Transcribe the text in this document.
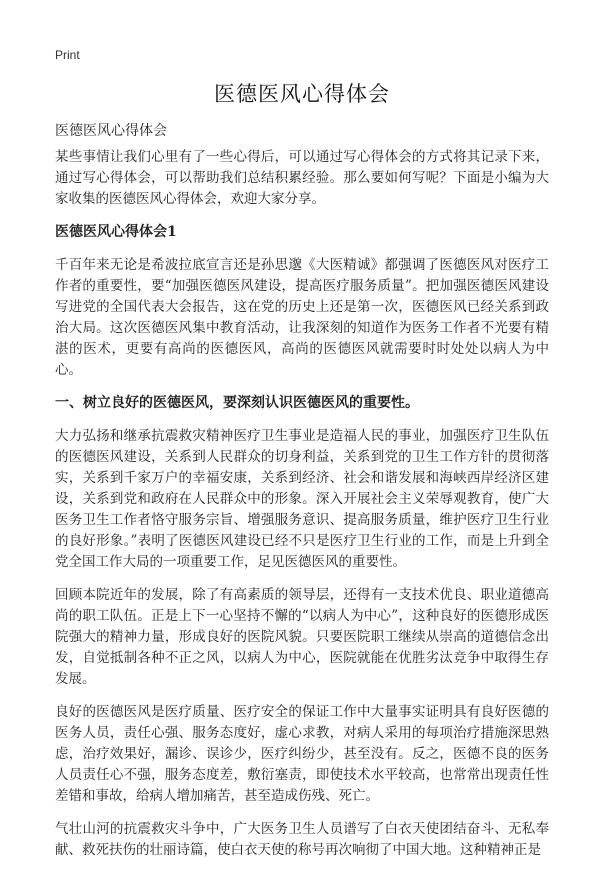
Print
医德医风心得体会

医德医风心得体会

某些事情让我们心里有了一些心得后，可以通过写心得体会的方式将其记录下来，通过写心得体会，可以帮助我们总结积累经验。那么要如何写呢？下面是小编为大家收集的医德医风心得体会，欢迎大家分享。

医德医风心得体会1

千百年来无论是希波拉底宣言还是孙思邈《大医精诚》都强调了医德医风对医疗工作者的重要性，要“加强医德医风建设，提高医疗服务质量”。把加强医德医风建设写进党的全国代表大会报告，这在党的历史上还是第一次，医德医风已经关系到政治大局。这次医德医风集中教育活动，让我深刻的知道作为医务工作者不光要有精湛的医术，更要有高尚的医德医风，高尚的医德医风就需要时时处处以病人为中心。

一、树立良好的医德医风，要深刻认识医德医风的重要性。

大力弘扬和继承抗震救灾精神医疗卫生事业是造福人民的事业，加强医疗卫生队伍的医德医风建设，关系到人民群众的切身利益，关系到党的卫生工作方针的贯彻落实，关系到千家万户的幸福安康，关系到经济、社会和谐发展和海峡西岸经济区建设，关系到党和政府在人民群众中的形象。深入开展社会主义荣辱观教育，使广大医务卫生工作者恪守服务宗旨、增强服务意识、提高服务质量，维护医疗卫生行业的良好形象。”表明了医德医风建设已经不只是医疗卫生行业的工作，而是上升到全党全国工作大局的一项重要工作，足见医德医风的重要性。

回顾本院近年的发展，除了有高素质的领导层，还得有一支技术优良、职业道德高尚的职工队伍。正是上下一心坚持不懈的“以病人为中心”，这种良好的医德形成医院强大的精神力量，形成良好的医院风貌。只要医院职工继续从崇高的道德信念出发，自觉抵制各种不正之风，以病人为中心，医院就能在优胜劣汰竞争中取得生存发展。

良好的医德医风是医疗质量、医疗安全的保证工作中大量事实证明具有良好医德的医务人员，责任心强、服务态度好，虚心求教，对病人采用的每项治疗措施深思熟虑，治疗效果好，漏诊、误诊少，医疗纠纷少，甚至没有。反之，医德不良的医务人员责任心不强，服务态度差，敷衍塞责，即使技术水平较高，也常常出现责任性差错和事故，给病人增加痛苦，甚至造成伤残、死亡。

气壮山河的抗震救灾斗争中，广大医务卫生人员谱写了白衣天使团结奋斗、无私奉献、救死扶伤的壮丽诗篇，使白衣天使的称号再次响彻了中国大地。这种精神正是
